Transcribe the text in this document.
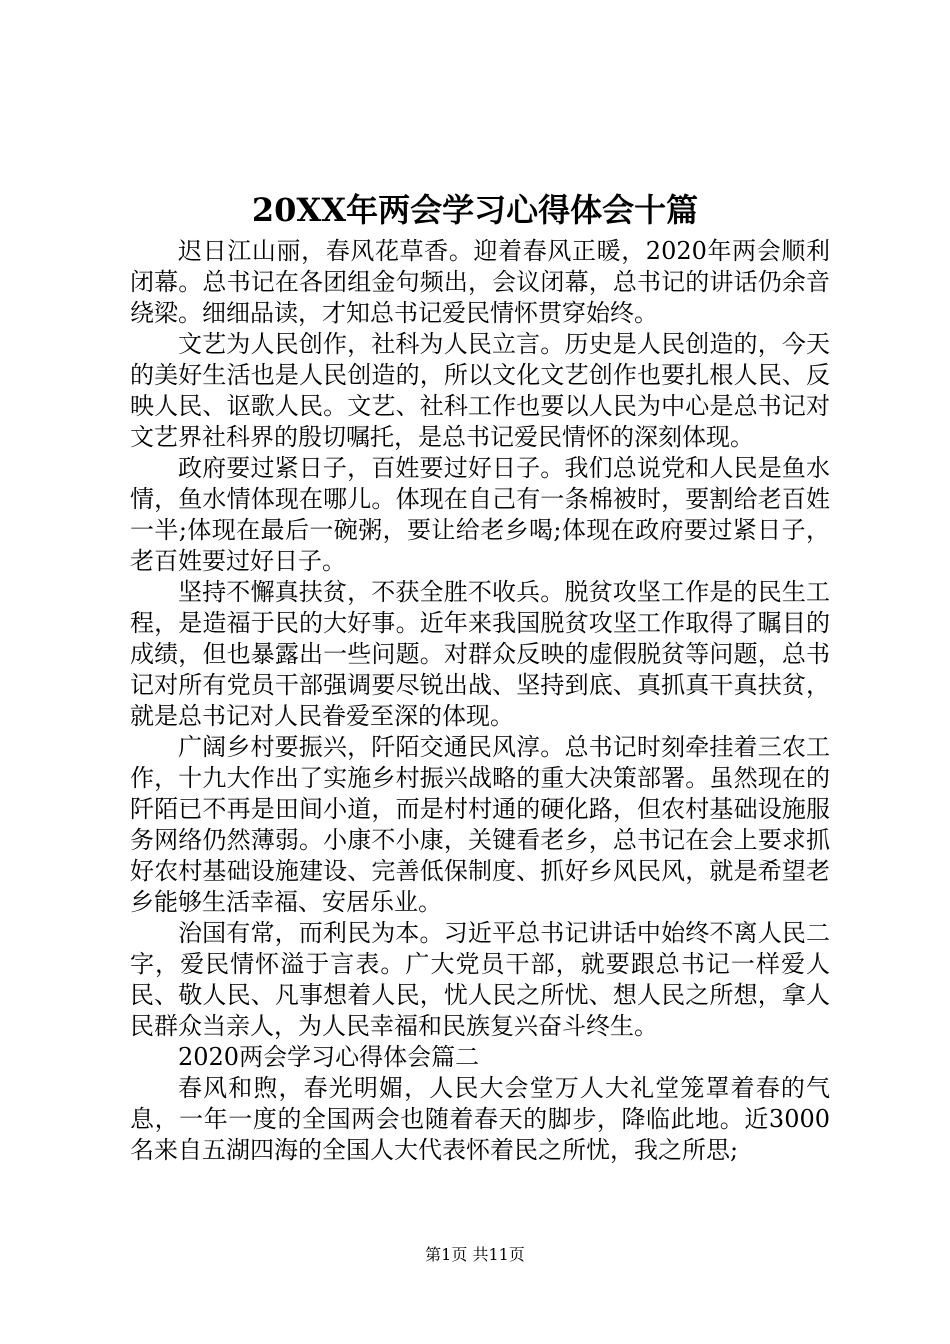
20XX年两会学习心得体会十篇

迟日江山丽，春风花草香。迎着春风正暖，2020年两会顺利闭幕。总书记在各团组金句频出，会议闭幕，总书记的讲话仍余音绕梁。细细品读，才知总书记爱民情怀贯穿始终。

文艺为人民创作，社科为人民立言。历史是人民创造的，今天的美好生活也是人民创造的，所以文化文艺创作也要扎根人民、反映人民、讴歌人民。文艺、社科工作也要以人民为中心是总书记对文艺界社科界的殷切嘱托，是总书记爱民情怀的深刻体现。

政府要过紧日子，百姓要过好日子。我们总说党和人民是鱼水情，鱼水情体现在哪儿。体现在自己有一条棉被时，要割给老百姓一半;体现在最后一碗粥，要让给老乡喝;体现在政府要过紧日子，老百姓要过好日子。

坚持不懈真扶贫，不获全胜不收兵。脱贫攻坚工作是的民生工程，是造福于民的大好事。近年来我国脱贫攻坚工作取得了瞩目的成绩，但也暴露出一些问题。对群众反映的虚假脱贫等问题，总书记对所有党员干部强调要尽锐出战、坚持到底、真抓真干真扶贫，就是总书记对人民眷爱至深的体现。

广阔乡村要振兴，阡陌交通民风淳。总书记时刻牵挂着三农工作，十九大作出了实施乡村振兴战略的重大决策部署。虽然现在的阡陌已不再是田间小道，而是村村通的硬化路，但农村基础设施服务网络仍然薄弱。小康不小康，关键看老乡，总书记在会上要求抓好农村基础设施建设、完善低保制度、抓好乡风民风，就是希望老乡能够生活幸福、安居乐业。

治国有常，而利民为本。习近平总书记讲话中始终不离人民二字，爱民情怀溢于言表。广大党员干部，就要跟总书记一样爱人民、敬人民、凡事想着人民，忧人民之所忧、想人民之所想，拿人民群众当亲人，为人民幸福和民族复兴奋斗终生。

2020两会学习心得体会篇二

春风和煦，春光明媚，人民大会堂万人大礼堂笼罩着春的气息，一年一度的全国两会也随着春天的脚步，降临此地。近3000名来自五湖四海的全国人大代表怀着民之所忧，我之所思;

第1页 共11页
